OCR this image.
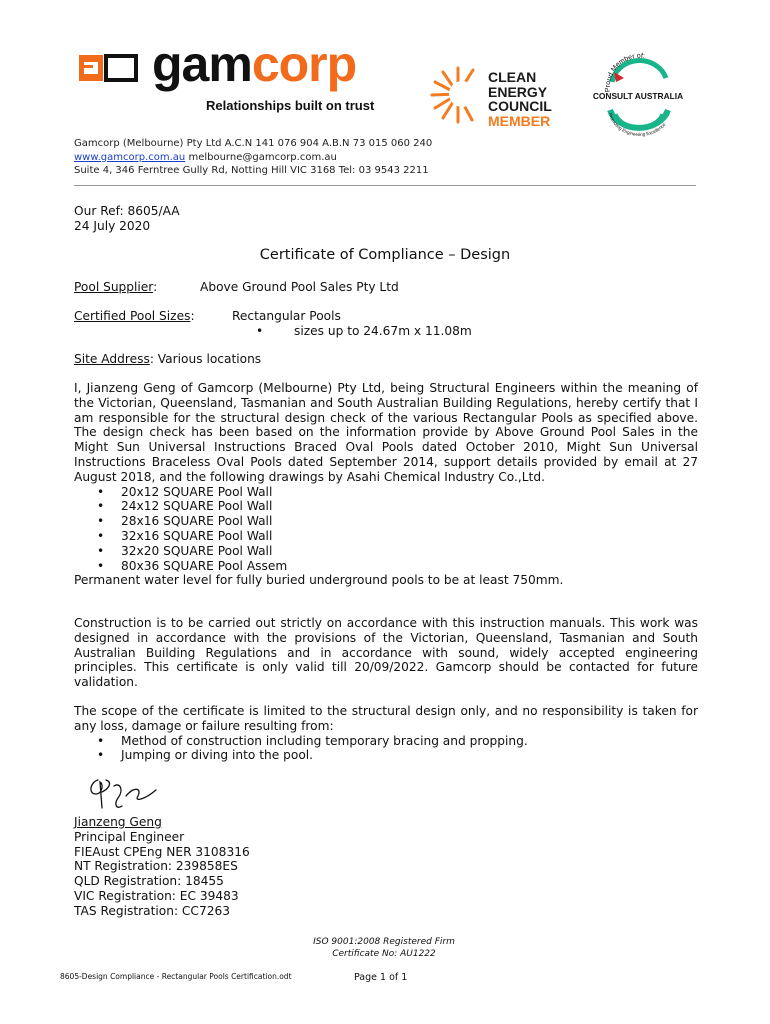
gamcorp
Relationships built on trust
CLEAN
ENERGY
COUNCIL
MEMBER
Proud Member of:
CONSULT AUSTRALIA
Promoting Engineering Excellence
Gamcorp (Melbourne) Pty Ltd A.C.N 141 076 904 A.B.N 73 015 060 240
www.gamcorp.com.au melbourne@gamcorp.com.au
Suite 4, 346 Ferntree Gully Rd, Notting Hill VIC 3168 Tel: 03 9543 2211
Our Ref: 8605/AA
24 July 2020
Certificate of Compliance – Design
Pool Supplier:	Above Ground Pool Sales Pty Ltd
Certified Pool Sizes:	Rectangular Pools
•	sizes up to 24.67m x 11.08m
Site Address: Various locations
I, Jianzeng Geng of Gamcorp (Melbourne) Pty Ltd, being Structural Engineers within the meaning of the Victorian, Queensland, Tasmanian and South Australian Building Regulations, hereby certify that I am responsible for the structural design check of the various Rectangular Pools as specified above. The design check has been based on the information provide by Above Ground Pool Sales in the Might Sun Universal Instructions Braced Oval Pools dated October 2010, Might Sun Universal Instructions Braceless Oval Pools dated September 2014, support details provided by email at 27 August 2018, and the following drawings by Asahi Chemical Industry Co.,Ltd.
• 20x12 SQUARE Pool Wall
• 24x12 SQUARE Pool Wall
• 28x16 SQUARE Pool Wall
• 32x16 SQUARE Pool Wall
• 32x20 SQUARE Pool Wall
• 80x36 SQUARE Pool Assem
Permanent water level for fully buried underground pools to be at least 750mm.
Construction is to be carried out strictly on accordance with this instruction manuals. This work was designed in accordance with the provisions of the Victorian, Queensland, Tasmanian and South Australian Building Regulations and in accordance with sound, widely accepted engineering principles. This certificate is only valid till 20/09/2022. Gamcorp should be contacted for future validation.
The scope of the certificate is limited to the structural design only, and no responsibility is taken for any loss, damage or failure resulting from:
• Method of construction including temporary bracing and propping.
• Jumping or diving into the pool.
Jianzeng Geng
Principal Engineer
FIEAust CPEng NER 3108316
NT Registration: 239858ES
QLD Registration: 18455
VIC Registration: EC 39483
TAS Registration: CC7263
ISO 9001:2008 Registered Firm
Certificate No: AU1222
8605-Design Compliance - Rectangular Pools Certification.odt	Page 1 of 1
